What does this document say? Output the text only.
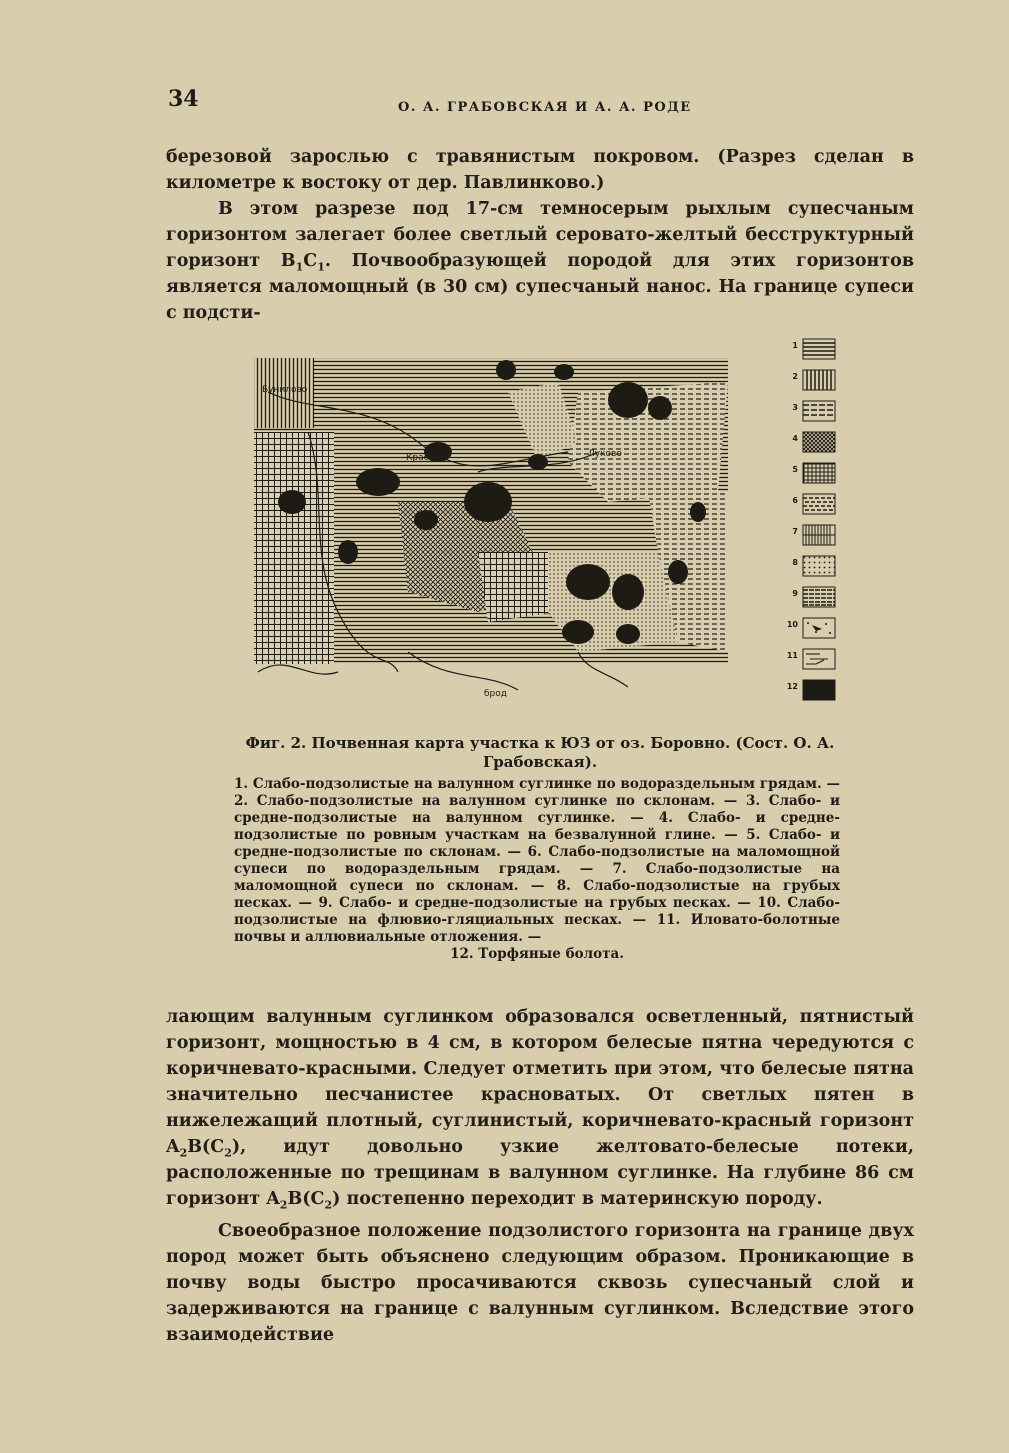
34	О. А. ГРАБОВСКАЯ И А. А. РОДЕ
березовой зарослью с травянистым покровом. (Разрез сделан в километре к востоку от дер. Павлинково.)
В этом разрезе под 17-см темносерым рыхлым супесчаным горизонтом залегает более светлый серовато-желтый бесструктурный горизонт $B_1C_1$. Почвообразующей породой для этих горизонтов является маломощный (в 30 см) супесчаный нанос. На границе супеси с подсти-
Бунилово
Красуха	Луково
брод
1
2
3
4
5
6
7
8
9
10
11
12
Фиг. 2. Почвенная карта участка к ЮЗ от оз. Боровно. (Сост. О. А. Грабовская).
1. Слабо-подзолистые на валунном суглинке по водораздельным грядам. — 2. Слабо-подзолистые на валунном суглинке по склонам. — 3. Слабо- и средне-подзолистые на валунном суглинке. — 4. Слабо- и средне-подзолистые по ровным участкам на безвалунной глине. — 5. Слабо- и средне-подзолистые по склонам. — 6. Слабо-подзолистые на маломощной супеси по водораздельным грядам. — 7. Слабо-подзолистые на маломощной супеси по склонам. — 8. Слабо-подзолистые на грубых песках. — 9. Слабо- и средне-подзолистые на грубых песках. — 10. Слабо-подзолистые на флювио-гляциальных песках. — 11. Иловато-болотные почвы и аллювиальные отложения. —
12. Торфяные болота.
лающим валунным суглинком образовался осветленный, пятнистый горизонт, мощностью в 4 см, в котором белесые пятна чередуются с коричневато-красными. Следует отметить при этом, что белесые пятна значительно песчанистее красноватых. От светлых пятен в нижележащий плотный, суглинистый, коричневато-красный горизонт $A_2B(C_2)$, идут довольно узкие желтовато-белесые потеки, расположенные по трещинам в валунном суглинке. На глубине 86 см горизонт $A_2B(C_2)$ постепенно переходит в материнскую породу.
Своеобразное положение подзолистого горизонта на границе двух пород может быть объяснено следующим образом. Проникающие в почву воды быстро просачиваются сквозь супесчаный слой и задерживаются на границе с валунным суглинком. Вследствие этого взаимодействие
